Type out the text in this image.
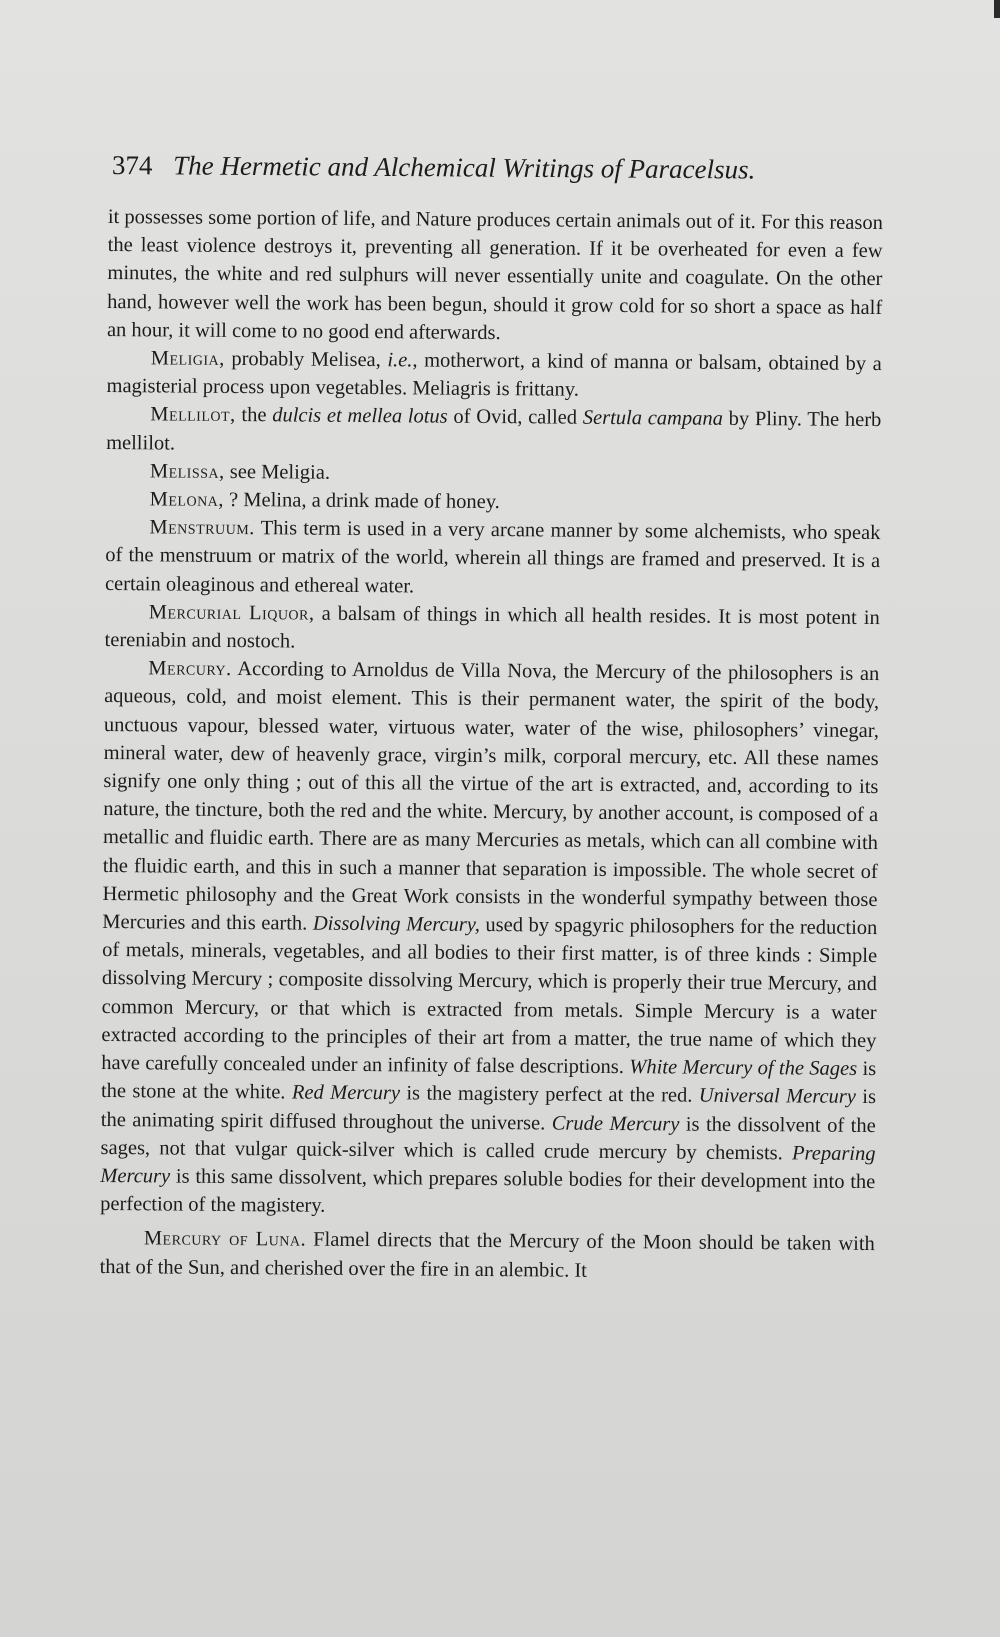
374 The Hermetic and Alchemical Writings of Paracelsus.

it possesses some portion of life, and Nature produces certain animals out of it. For this reason the least violence destroys it, preventing all generation. If it be overheated for even a few minutes, the white and red sulphurs will never essentially unite and coagulate. On the other hand, however well the work has been begun, should it grow cold for so short a space as half an hour, it will come to no good end afterwards.

Meligia, probably Melisea, i.e., motherwort, a kind of manna or balsam, obtained by a magisterial process upon vegetables. Meliagris is frittany.

Mellilot, the dulcis et mellea lotus of Ovid, called Sertula campana by Pliny. The herb mellilot.

Melissa, see Meligia.

Melona, ? Melina, a drink made of honey.

Menstruum. This term is used in a very arcane manner by some alchemists, who speak of the menstruum or matrix of the world, wherein all things are framed and preserved. It is a certain oleaginous and ethereal water.

Mercurial Liquor, a balsam of things in which all health resides. It is most potent in tereniabin and nostoch.

Mercury. According to Arnoldus de Villa Nova, the Mercury of the philosophers is an aqueous, cold, and moist element. This is their permanent water, the spirit of the body, unctuous vapour, blessed water, virtuous water, water of the wise, philosophers’ vinegar, mineral water, dew of heavenly grace, virgin’s milk, corporal mercury, etc. All these names signify one only thing ; out of this all the virtue of the art is extracted, and, according to its nature, the tincture, both the red and the white. Mercury, by another account, is composed of a metallic and fluidic earth. There are as many Mercuries as metals, which can all combine with the fluidic earth, and this in such a manner that separation is impossible. The whole secret of Hermetic philosophy and the Great Work consists in the wonderful sympathy between those Mercuries and this earth. Dissolving Mercury, used by spagyric philosophers for the reduction of metals, minerals, vegetables, and all bodies to their first matter, is of three kinds : Simple dissolving Mercury ; composite dissolving Mercury, which is properly their true Mercury, and common Mercury, or that which is extracted from metals. Simple Mercury is a water extracted according to the principles of their art from a matter, the true name of which they have carefully concealed under an infinity of false descriptions. White Mercury of the Sages is the stone at the white. Red Mercury is the magistery perfect at the red. Universal Mercury is the animating spirit diffused throughout the universe. Crude Mercury is the dissolvent of the sages, not that vulgar quick-silver which is called crude mercury by chemists. Preparing Mercury is this same dissolvent, which prepares soluble bodies for their development into the perfection of the magistery.

Mercury of Luna. Flamel directs that the Mercury of the Moon should be taken with that of the Sun, and cherished over the fire in an alembic. It
